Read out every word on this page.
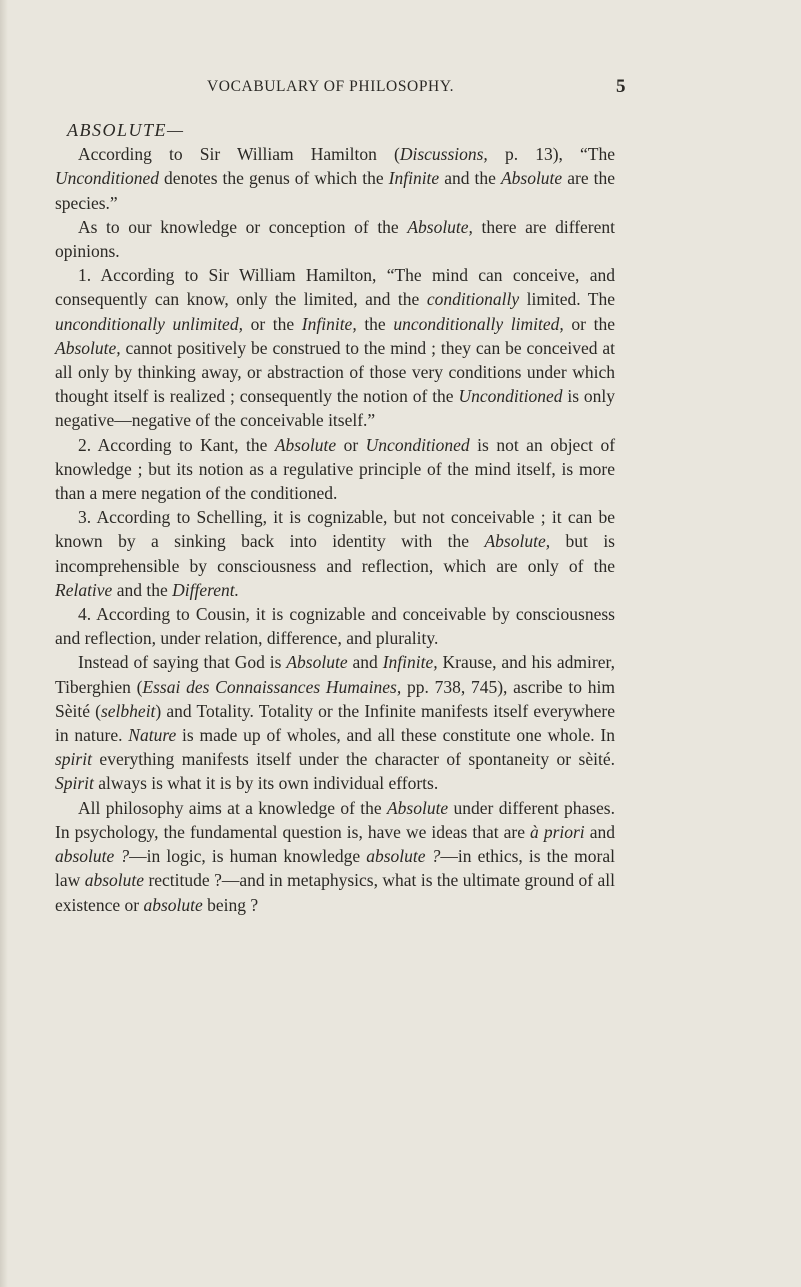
VOCABULARY OF PHILOSOPHY.	5

ABSOLUTE—

According to Sir William Hamilton (Discussions, p. 13), “The Unconditioned denotes the genus of which the Infinite and the Absolute are the species.”

As to our knowledge or conception of the Absolute, there are different opinions.

1. According to Sir William Hamilton, “The mind can conceive, and consequently can know, only the limited, and the conditionally limited. The unconditionally unlimited, or the Infinite, the unconditionally limited, or the Absolute, cannot positively be construed to the mind ; they can be conceived at all only by thinking away, or abstraction of those very conditions under which thought itself is realized ; consequently the notion of the Unconditioned is only negative—negative of the conceivable itself.”

2. According to Kant, the Absolute or Unconditioned is not an object of knowledge ; but its notion as a regulative principle of the mind itself, is more than a mere negation of the conditioned.

3. According to Schelling, it is cognizable, but not conceivable ; it can be known by a sinking back into identity with the Absolute, but is incomprehensible by consciousness and reflection, which are only of the Relative and the Different.

4. According to Cousin, it is cognizable and conceivable by consciousness and reflection, under relation, difference, and plurality.

Instead of saying that God is Absolute and Infinite, Krause, and his admirer, Tiberghien (Essai des Connaissances Humaines, pp. 738, 745), ascribe to him Sèité (selbheit) and Totality. Totality or the Infinite manifests itself everywhere in nature. Nature is made up of wholes, and all these constitute one whole. In spirit everything manifests itself under the character of spontaneity or sèité. Spirit always is what it is by its own individual efforts.

All philosophy aims at a knowledge of the Absolute under different phases. In psychology, the fundamental question is, have we ideas that are à priori and absolute ?—in logic, is human knowledge absolute ?—in ethics, is the moral law absolute rectitude ?—and in metaphysics, what is the ultimate ground of all existence or absolute being ?
